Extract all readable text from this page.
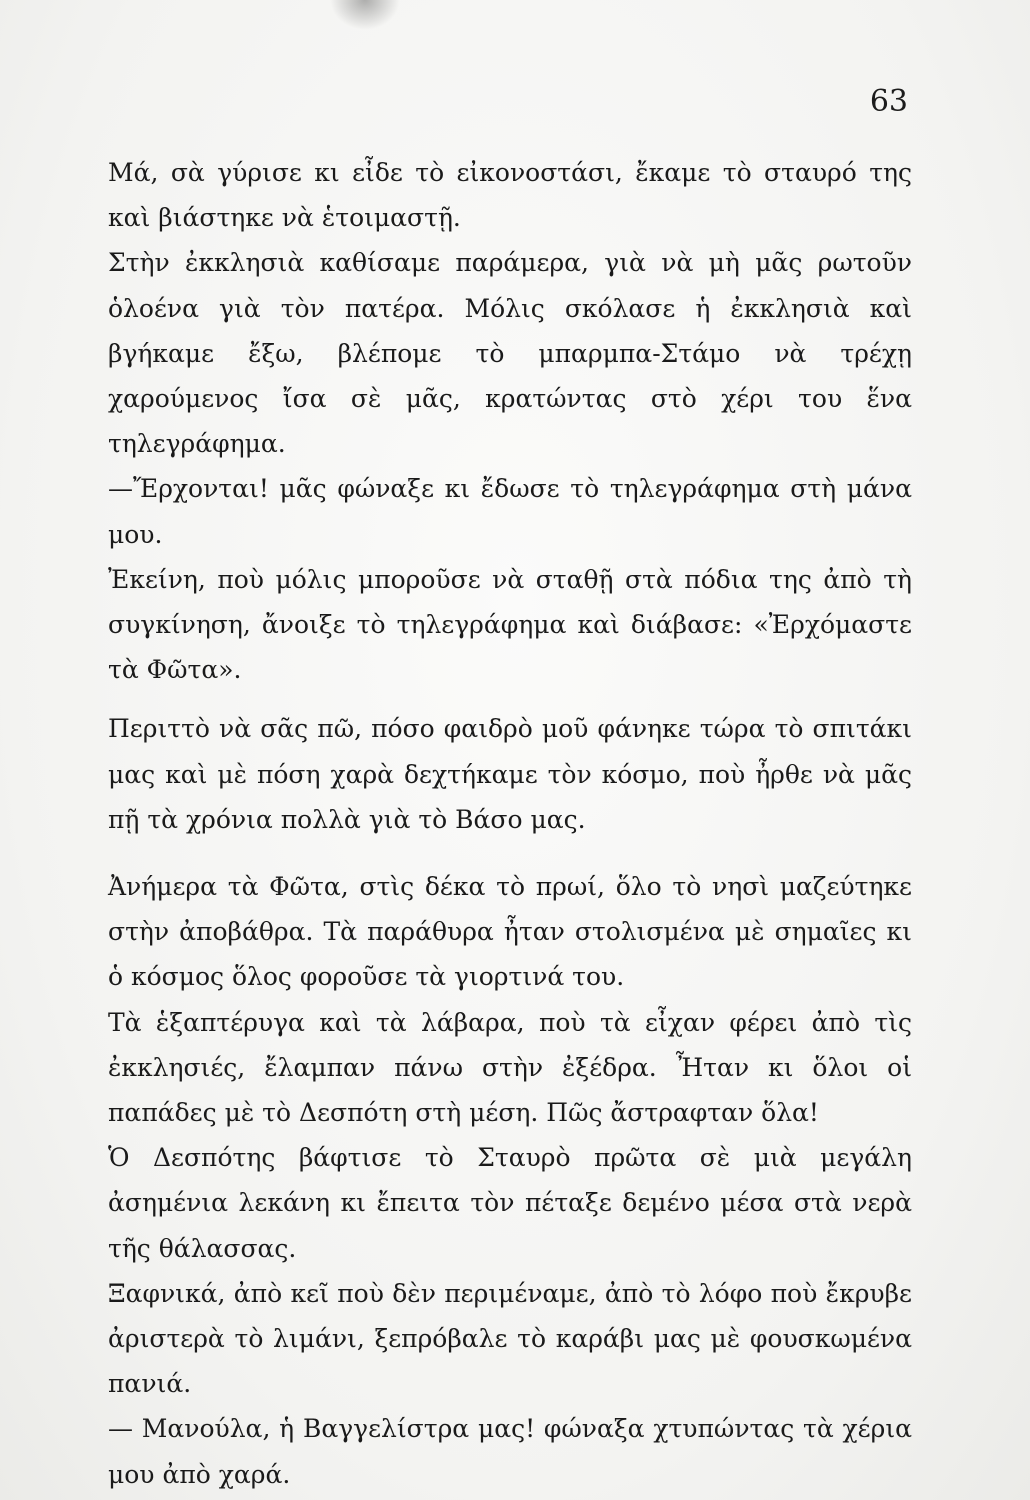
63

Μά, σὰ γύρισε κι εἶδε τὸ εἰκονοστάσι, ἔκαμε τὸ σταυρό της καὶ βιάστηκε νὰ ἑτοιμαστῇ.

Στὴν ἐκκλησιὰ καθίσαμε παράμερα, γιὰ νὰ μὴ μᾶς ρωτοῦν ὁλοένα γιὰ τὸν πατέρα. Μόλις σκόλασε ἡ ἐκκλησιὰ καὶ βγήκαμε ἔξω, βλέπομε τὸ μπαρμπα-Στάμο νὰ τρέχῃ χαρούμενος ἴσα σὲ μᾶς, κρατώντας στὸ χέρι του ἕνα τηλεγράφημα.

—Ἔρχονται! μᾶς φώναξε κι ἔδωσε τὸ τηλεγράφημα στὴ μάνα μου.

Ἐκείνη, ποὺ μόλις μποροῦσε νὰ σταθῇ στὰ πόδια της ἀπὸ τὴ συγκίνηση, ἄνοιξε τὸ τηλεγράφημα καὶ διάβασε: «Ἐρχόμαστε τὰ Φῶτα».

Περιττὸ νὰ σᾶς πῶ, πόσο φαιδρὸ μοῦ φάνηκε τώρα τὸ σπιτάκι μας καὶ μὲ πόση χαρὰ δεχτήκαμε τὸν κόσμο, ποὺ ἦρθε νὰ μᾶς πῇ τὰ χρόνια πολλὰ γιὰ τὸ Βάσο μας.

Ἀνήμερα τὰ Φῶτα, στὶς δέκα τὸ πρωί, ὅλο τὸ νησὶ μαζεύτηκε στὴν ἀποβάθρα. Τὰ παράθυρα ἦταν στολισμένα μὲ σημαῖες κι ὁ κόσμος ὅλος φοροῦσε τὰ γιορτινά του.

Τὰ ἑξαπτέρυγα καὶ τὰ λάβαρα, ποὺ τὰ εἶχαν φέρει ἀπὸ τὶς ἐκκλησιές, ἔλαμπαν πάνω στὴν ἐξέδρα. Ἦταν κι ὅλοι οἱ παπάδες μὲ τὸ Δεσπότη στὴ μέση. Πῶς ἄστραφταν ὅλα!

Ὁ Δεσπότης βάφτισε τὸ Σταυρὸ πρῶτα σὲ μιὰ μεγάλη ἀσημένια λεκάνη κι ἔπειτα τὸν πέταξε δεμένο μέσα στὰ νερὰ τῆς θάλασσας.

Ξαφνικά, ἀπὸ κεῖ ποὺ δὲν περιμέναμε, ἀπὸ τὸ λόφο ποὺ ἔκρυβε ἀριστερὰ τὸ λιμάνι, ξεπρόβαλε τὸ καράβι μας μὲ φουσκωμένα πανιά.

— Μανούλα, ἡ Βαγγελίστρα μας! φώναξα χτυπώντας τὰ χέρια μου ἀπὸ χαρά.
